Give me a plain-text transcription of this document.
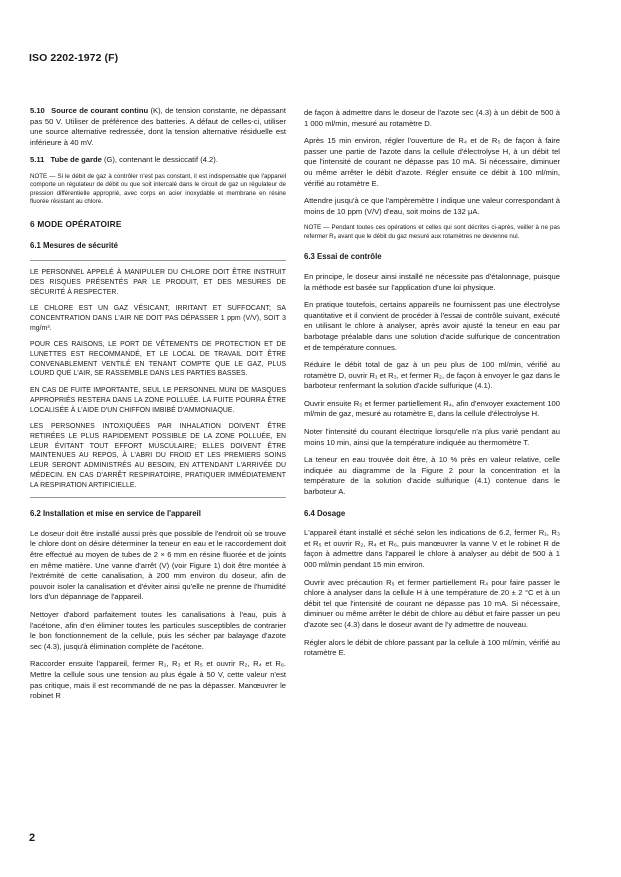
ISO 2202-1972 (F)

5.10 Source de courant continu (K), de tension constante, ne dépassant pas 50 V. Utiliser de préférence des batteries. A défaut de celles-ci, utiliser une source alternative redressée, dont la tension alternative résiduelle est inférieure à 40 mV.

5.11 Tube de garde (G), contenant le dessiccatif (4.2).

NOTE — Si le débit de gaz à contrôler n'est pas constant, il est indispensable que l'appareil comporte un régulateur de débit ou que soit intercalé dans le circuit de gaz un régulateur de pression différentielle approprié, avec corps en acier inoxydable et membrane en résine fluorée résistant au chlore.

6 MODE OPÉRATOIRE
6.1 Mesures de sécurité

LE PERSONNEL APPELÉ À MANIPULER DU CHLORE DOIT ÊTRE INSTRUIT DES RISQUES PRÉSENTÉS PAR LE PRODUIT, ET DES MESURES DE SÉCURITÉ À RESPECTER.

LE CHLORE EST UN GAZ VÉSICANT, IRRITANT ET SUFFOCANT; SA CONCENTRATION DANS L'AIR NE DOIT PAS DÉPASSER 1 ppm (V/V), SOIT 3 mg/m³.

POUR CES RAISONS, LE PORT DE VÊTEMENTS DE PROTECTION ET DE LUNETTES EST RECOMMANDÉ, ET LE LOCAL DE TRAVAIL DOIT ÊTRE CONVENABLEMENT VENTILÉ EN TENANT COMPTE QUE LE GAZ, PLUS LOURD QUE L'AIR, SE RASSEMBLE DANS LES PARTIES BASSES.

EN CAS DE FUITE IMPORTANTE, SEUL LE PERSONNEL MUNI DE MASQUES APPROPRIÉS RESTERA DANS LA ZONE POLLUÉE. LA FUITE POURRA ÊTRE LOCALISÉE À L'AIDE D'UN CHIFFON IMBIBÉ D'AMMONIAQUE.

LES PERSONNES INTOXIQUÉES PAR INHALATION DOIVENT ÊTRE RETIRÉES LE PLUS RAPIDEMENT POSSIBLE DE LA ZONE POLLUÉE, EN LEUR ÉVITANT TOUT EFFORT MUSCULAIRE; ELLES DOIVENT ÊTRE MAINTENUES AU REPOS, À L'ABRI DU FROID ET LES PREMIERS SOINS LEUR SERONT ADMINISTRÉS AU BESOIN, EN ATTENDANT L'ARRIVÉE DU MÉDECIN. EN CAS D'ARRÊT RESPIRATOIRE, PRATIQUER IMMÉDIATEMENT LA RESPIRATION ARTIFICIELLE.

6.2 Installation et mise en service de l'appareil

Le doseur doit être installé aussi près que possible de l'endroit où se trouve le chlore dont on désire déterminer la teneur en eau et le raccordement doit être effectué au moyen de tubes de 2 × 6 mm en résine fluorée et de joints en même matière. Une vanne d'arrêt (V) (voir Figure 1) doit être montée à l'extrémité de cette canalisation, à 200 mm environ du doseur, afin de pouvoir isoler la canalisation et d'éviter ainsi qu'elle ne prenne de l'humidité lors d'un dépannage de l'appareil.

Nettoyer d'abord parfaitement toutes les canalisations à l'eau, puis à l'acétone, afin d'en éliminer toutes les particules susceptibles de contrarier le bon fonctionnement de la cellule, puis les sécher par balayage d'azote sec (4.3), jusqu'à élimination complète de l'acétone.

Raccorder ensuite l'appareil, fermer R₁, R₃ et R₅ et ouvrir R₂, R₄ et R₆. Mettre la cellule sous une tension au plus égale à 50 V, cette valeur n'est pas critique, mais il est recommandé de ne pas la dépasser. Manœuvrer le robinet R

de façon à admettre dans le doseur de l'azote sec (4.3) à un débit de 500 à 1 000 ml/min, mesuré au rotamètre D.

Après 15 min environ, régler l'ouverture de R₄ et de R₅ de façon à faire passer une partie de l'azote dans la cellule d'électrolyse H, à un débit tel que l'intensité de courant ne dépasse pas 10 mA. Si nécessaire, diminuer ou même arrêter le débit d'azote. Régler ensuite ce débit à 100 ml/min, vérifié au rotamètre E.

Attendre jusqu'à ce que l'ampèremètre I indique une valeur correspondant à moins de 10 ppm (V/V) d'eau, soit moins de 132 μA.

NOTE — Pendant toutes ces opérations et celles qui sont décrites ci-après, veiller à ne pas refermer R₆ avant que le débit du gaz mesuré aux rotamètres ne devienne nul.

6.3 Essai de contrôle

En principe, le doseur ainsi installé ne nécessite pas d'étalonnage, puisque la méthode est basée sur l'application d'une loi physique.

En pratique toutefois, certains appareils ne fournissent pas une électrolyse quantitative et il convient de procéder à l'essai de contrôle suivant, exécuté en utilisant le chlore à analyser, après avoir ajusté la teneur en eau par barbotage préalable dans une solution d'acide sulfurique de concentration et de température connues.

Réduire le débit total de gaz à un peu plus de 100 ml/min, vérifié au rotamètre D, ouvrir R₁ et R₃, et fermer R₂, de façon à envoyer le gaz dans le barboteur renfermant la solution d'acide sulfurique (4.1).

Ouvrir ensuite R₅ et fermer partiellement R₄, afin d'envoyer exactement 100 ml/min de gaz, mesuré au rotamètre E, dans la cellule d'électrolyse H.

Noter l'intensité du courant électrique lorsqu'elle n'a plus varié pendant au moins 10 min, ainsi que la température indiquée au thermomètre T.

La teneur en eau trouvée doit être, à 10 % près en valeur relative, celle indiquée au diagramme de la Figure 2 pour la concentration et la température de la solution d'acide sulfurique (4.1) contenue dans le barboteur A.

6.4 Dosage

L'appareil étant installé et séché selon les indications de 6.2, fermer R₁, R₃ et R₅ et ouvrir R₂, R₄ et R₆, puis manœuvrer la vanne V et le robinet R de façon à admettre dans l'appareil le chlore à analyser au débit de 500 à 1 000 ml/min pendant 15 min environ.

Ouvrir avec précaution R₅ et fermer partiellement R₄ pour faire passer le chlore à analyser dans la cellule H à une température de 20 ± 2 °C et à un débit tel que l'intensité de courant ne dépasse pas 10 mA. Si nécessaire, diminuer ou même arrêter le débit de chlore au début et faire passer un peu d'azote sec (4.3) dans le doseur avant de l'y admettre de nouveau.

Régler alors le débit de chlore passant par la cellule à 100 ml/min, vérifié au rotamètre E.

2
